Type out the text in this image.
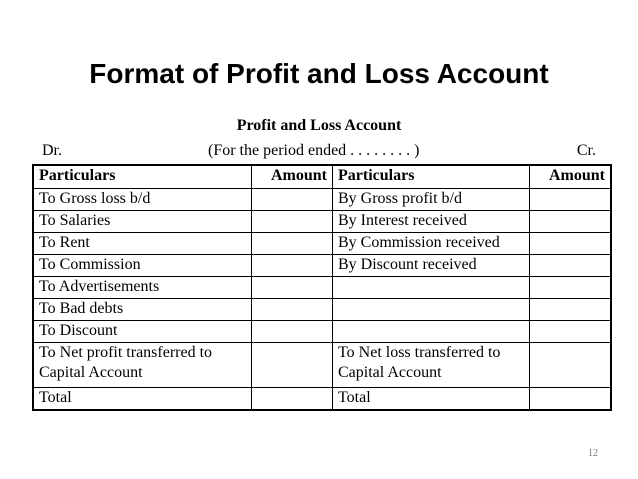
Format of Profit and Loss Account
Profit and Loss Account
Dr.	(For the period ended . . . . . . . . )	Cr.
Particulars	Amount	Particulars	Amount
To Gross loss b/d		By Gross profit b/d	
To Salaries		By Interest received	
To Rent		By Commission received	
To Commission		By Discount received	
To Advertisements			
To Bad debts			
To Discount			
To Net profit transferred to Capital Account		To Net loss transferred to Capital Account	
Total		Total	
12
